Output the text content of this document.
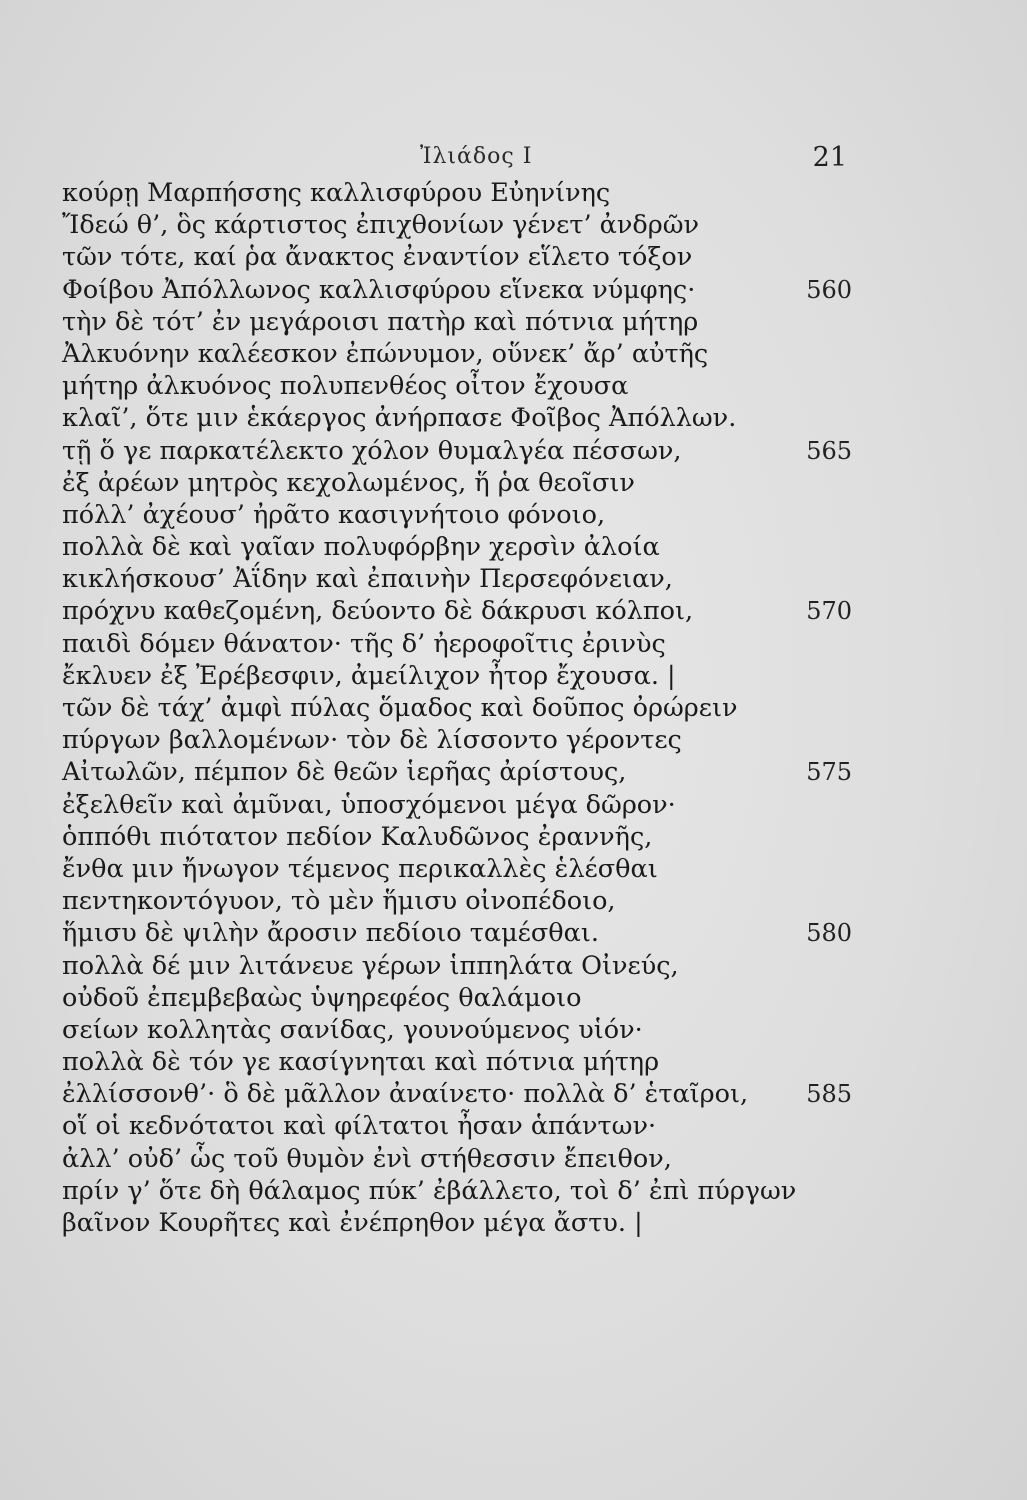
Ἰλιάδος Ι	21
κούρῃ Μαρπήσσης καλλισφύρου Εὐηνίνης
Ἴδεώ θ’, ὃς κάρτιστος ἐπιχθονίων γένετ’ ἀνδρῶν
τῶν τότε, καί ῥα ἄνακτος ἐναντίον εἵλετο τόξον
Φοίβου Ἀπόλλωνος καλλισφύρου εἵνεκα νύμφης·	560
τὴν δὲ τότ’ ἐν μεγάροισι πατὴρ καὶ πότνια μήτηρ
Ἀλκυόνην καλέεσκον ἐπώνυμον, οὕνεκ’ ἄρ’ αὐτῆς
μήτηρ ἀλκυόνος πολυπενθέος οἶτον ἔχουσα
κλαῖ’, ὅτε μιν ἑκάεργος ἀνήρπασε Φοῖβος Ἀπόλλων.
τῇ ὅ γε παρκατέλεκτο χόλον θυμαλγέα πέσσων,	565
ἐξ ἀρέων μητρὸς κεχολωμένος, ἥ ῥα θεοῖσιν
πόλλ’ ἀχέουσ’ ἠρᾶτο κασιγνήτοιο φόνοιο,
πολλὰ δὲ καὶ γαῖαν πολυφόρβην χερσὶν ἀλοία
κικλήσκουσ’ Ἀΐδην καὶ ἐπαινὴν Περσεφόνειαν,
πρόχνυ καθεζομένη, δεύοντο δὲ δάκρυσι κόλποι,	570
παιδὶ δόμεν θάνατον· τῆς δ’ ἠεροφοῖτις ἐρινὺς
ἔκλυεν ἐξ Ἐρέβεσφιν, ἀμείλιχον ἦτορ ἔχουσα. |
τῶν δὲ τάχ’ ἀμφὶ πύλας ὅμαδος καὶ δοῦπος ὀρώρειν
πύργων βαλλομένων· τὸν δὲ λίσσοντο γέροντες
Αἰτωλῶν, πέμπον δὲ θεῶν ἱερῆας ἀρίστους,	575
ἐξελθεῖν καὶ ἀμῦναι, ὑποσχόμενοι μέγα δῶρον·
ὁππόθι πιότατον πεδίον Καλυδῶνος ἐραννῆς,
ἔνθα μιν ἤνωγον τέμενος περικαλλὲς ἑλέσθαι
πεντηκοντόγυον, τὸ μὲν ἥμισυ οἰνοπέδοιο,
ἥμισυ δὲ ψιλὴν ἄροσιν πεδίοιο ταμέσθαι.	580
πολλὰ δέ μιν λιτάνευε γέρων ἱππηλάτα Οἰνεύς,
οὐδοῦ ἐπεμβεβαὼς ὑψηρεφέος θαλάμοιο
σείων κολλητὰς σανίδας, γουνούμενος υἱόν·
πολλὰ δὲ τόν γε κασίγνηται καὶ πότνια μήτηρ
ἐλλίσσονθ’· ὃ δὲ μᾶλλον ἀναίνετο· πολλὰ δ’ ἑταῖροι, 585
οἵ οἱ κεδνότατοι καὶ φίλτατοι ἦσαν ἁπάντων·
ἀλλ’ οὐδ’ ὧς τοῦ θυμὸν ἐνὶ στήθεσσιν ἔπειθον,
πρίν γ’ ὅτε δὴ θάλαμος πύκ’ ἐβάλλετο, τοὶ δ’ ἐπὶ πύργων
βαῖνον Κουρῆτες καὶ ἐνέπρηθον μέγα ἄστυ. |
